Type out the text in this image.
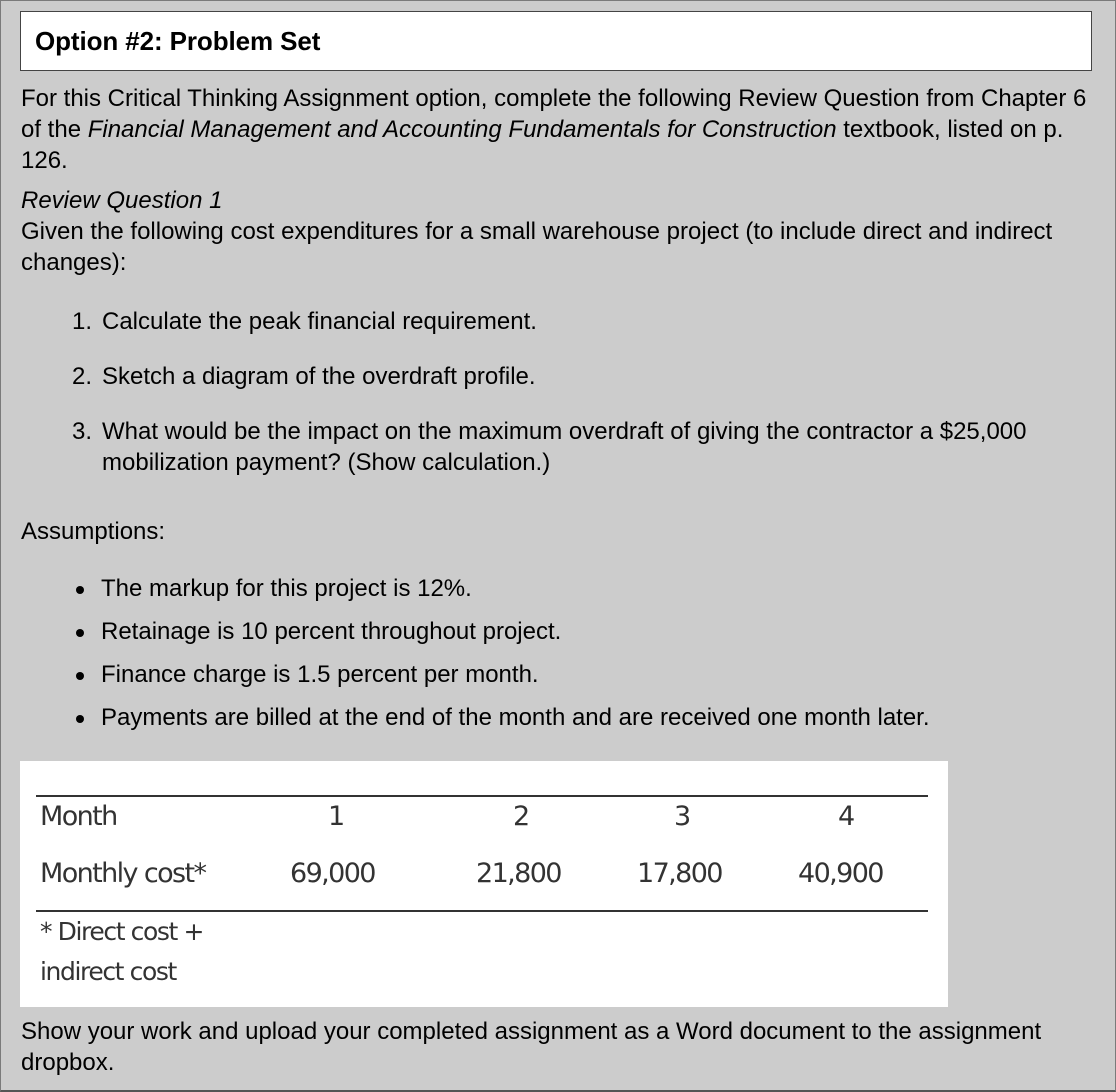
Option #2: Problem Set
For this Critical Thinking Assignment option, complete the following Review Question from Chapter 6 of the Financial Management and Accounting Fundamentals for Construction textbook, listed on p. 126.
Review Question 1
Given the following cost expenditures for a small warehouse project (to include direct and indirect changes):
1. Calculate the peak financial requirement.
2. Sketch a diagram of the overdraft profile.
3. What would be the impact on the maximum overdraft of giving the contractor a $25,000 mobilization payment? (Show calculation.)
Assumptions:
The markup for this project is 12%.
Retainage is 10 percent throughout project.
Finance charge is 1.5 percent per month.
Payments are billed at the end of the month and are received one month later.
Month	1	2	3	4
Monthly cost*	69,000	21,800	17,800	40,900
* Direct cost +
indirect cost
Show your work and upload your completed assignment as a Word document to the assignment dropbox.
